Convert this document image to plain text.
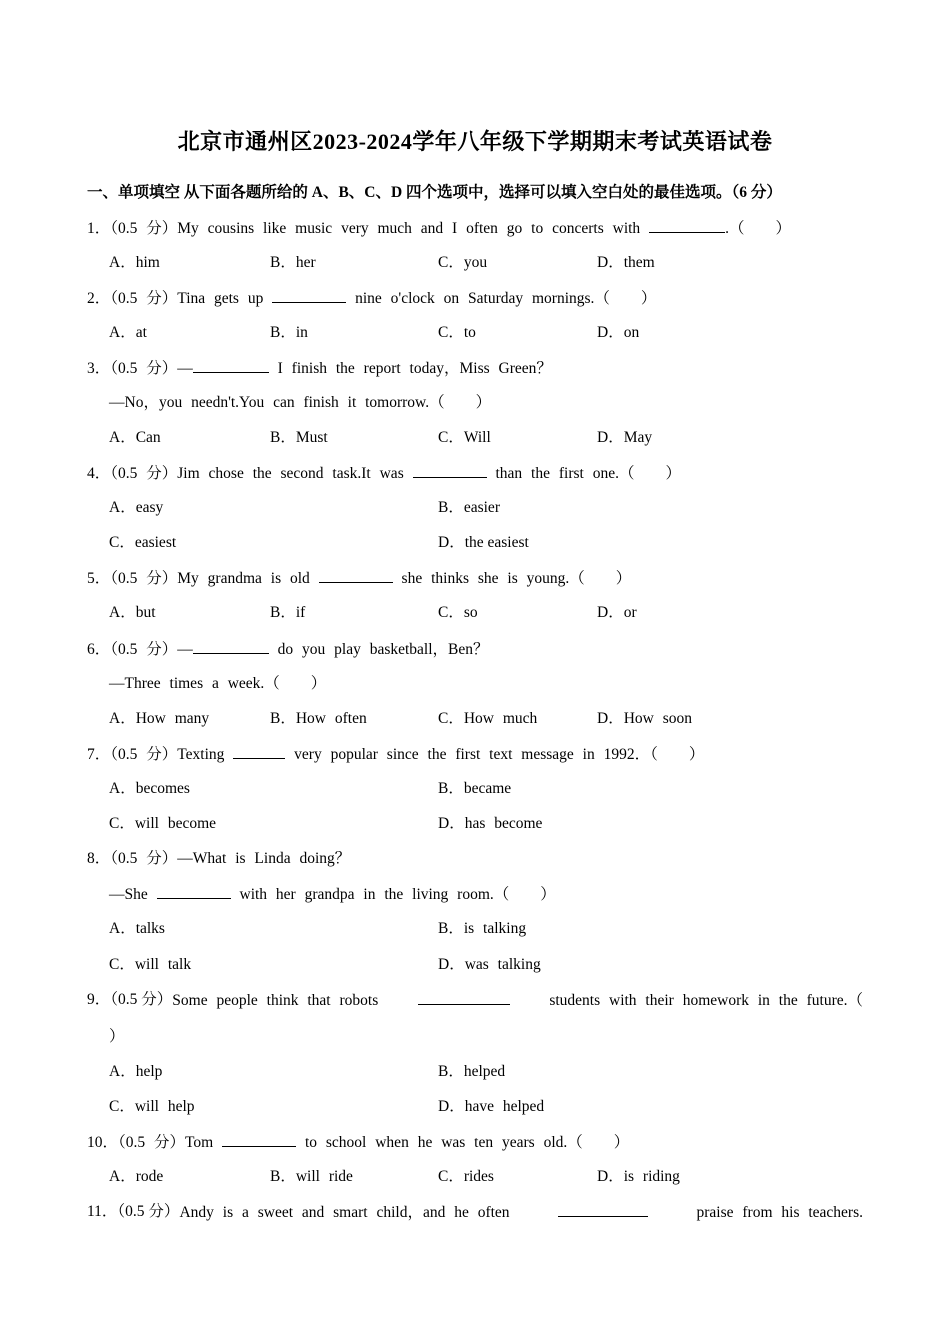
北京市通州区2023-2024学年八年级下学期期末考试英语试卷
一、单项填空 从下面各题所给的 A、B、C、D 四个选项中，选择可以填入空白处的最佳选项。（6 分）
1．（0.5 分）My cousins like music very much and I often go to concerts with	.（　　）
A．him	B．her	C．you	D．them
2．（0.5 分）Tina gets up	nine o'clock on Saturday mornings.（　　）
A．at	B．in	C．to	D．on
3．（0.5 分）—	I finish the report today，Miss Green？
—No，you needn't.You can finish it tomorrow.（　　）
A．Can	B．Must	C．Will	D．May
4．（0.5 分）Jim chose the second task.It was	than the first one.（　　）
A．easy	B．easier
C．easiest	D．the easiest
5．（0.5 分）My grandma is old	she thinks she is young.（　　）
A．but	B．if	C．so	D．or
6．（0.5 分）—	do you play basketball，Ben？
—Three times a week.（　　）
A．How many	B．How often	C．How much	D．How soon
7．（0.5 分）Texting	very popular since the first text message in 1992．（　　）
A．becomes	B．became
C．will become	D．has become
8．（0.5 分）—What is Linda doing？
—She	with her grandpa in the living room.（　　）
A．talks	B．is talking
C．will talk	D．was talking
9．（0.5 分） Some people think that robots	students with their homework in the future.（
）
A．help	B．helped
C．will help	D．have helped
10．（0.5 分）Tom	to school when he was ten years old.（　　）
A．rode	B．will ride	C．rides	D．is riding
11．（0.5 分） Andy is a sweet and smart child，and he often	praise from his teachers.
